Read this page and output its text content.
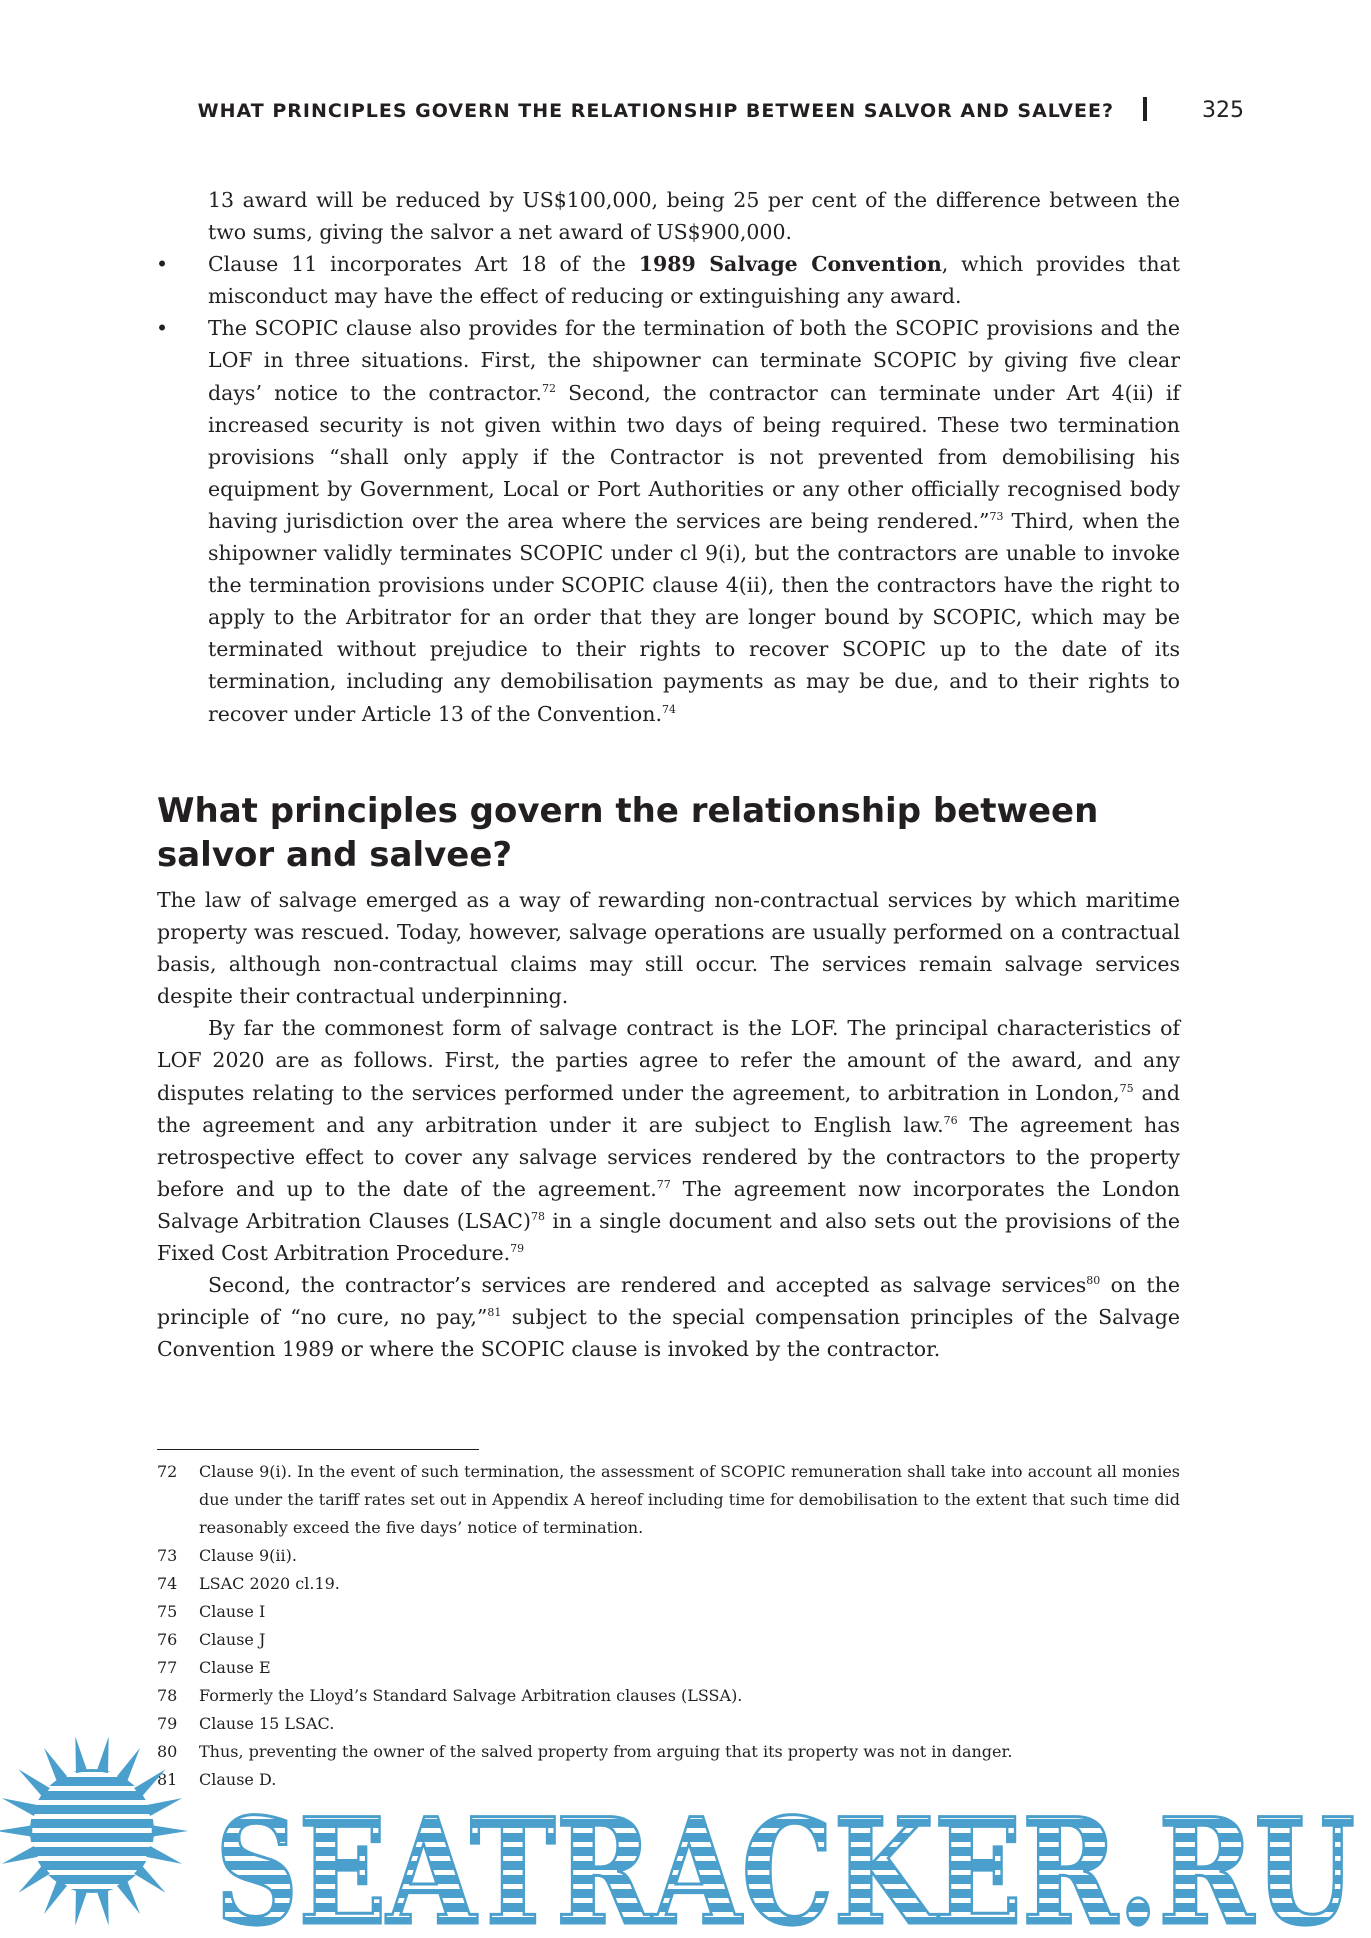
WHAT PRINCIPLES GOVERN THE RELATIONSHIP BETWEEN SALVOR AND SALVEE?	325

13 award will be reduced by US$100,000, being 25 per cent of the difference between the two sums, giving the salvor a net award of US$900,000.

• Clause 11 incorporates Art 18 of the 1989 Salvage Convention, which provides that misconduct may have the effect of reducing or extinguishing any award.

• The SCOPIC clause also provides for the termination of both the SCOPIC provisions and the LOF in three situations. First, the shipowner can terminate SCOPIC by giving five clear days’ notice to the contractor.$^{72}$ Second, the contractor can terminate under Art 4(ii) if increased security is not given within two days of being required. These two termination provisions “shall only apply if the Contractor is not prevented from demobilising his equipment by Government, Local or Port Authorities or any other officially recognised body having jurisdiction over the area where the services are being rendered.”$^{73}$ Third, when the shipowner validly terminates SCOPIC under cl 9(i), but the contractors are unable to invoke the termination provisions under SCOPIC clause 4(ii), then the contractors have the right to apply to the Arbitrator for an order that they are longer bound by SCOPIC, which may be terminated without prejudice to their rights to recover SCOPIC up to the date of its termination, including any demobilisation payments as may be due, and to their rights to recover under Article 13 of the Convention.$^{74}$

What principles govern the relationship between
salvor and salvee?

The law of salvage emerged as a way of rewarding non-contractual services by which maritime property was rescued. Today, however, salvage operations are usually performed on a contractual basis, although non-contractual claims may still occur. The services remain salvage services despite their contractual underpinning.

By far the commonest form of salvage contract is the LOF. The principal characteristics of LOF 2020 are as follows. First, the parties agree to refer the amount of the award, and any disputes relating to the services performed under the agreement, to arbitration in London,$^{75}$ and the agreement and any arbitration under it are subject to English law.$^{76}$ The agreement has retrospective effect to cover any salvage services rendered by the contractors to the property before and up to the date of the agreement.$^{77}$ The agreement now incorporates the London Salvage Arbitration Clauses (LSAC)$^{78}$ in a single document and also sets out the provisions of the Fixed Cost Arbitration Procedure.$^{79}$

Second, the contractor’s services are rendered and accepted as salvage services$^{80}$ on the principle of “no cure, no pay,”$^{81}$ subject to the special compensation principles of the Salvage Convention 1989 or where the SCOPIC clause is invoked by the contractor.

72 Clause 9(i). In the event of such termination, the assessment of SCOPIC remuneration shall take into account all monies due under the tariff rates set out in Appendix A hereof including time for demobilisation to the extent that such time did reasonably exceed the five days’ notice of termination.
73 Clause 9(ii).
74 LSAC 2020 cl.19.
75 Clause I
76 Clause J
77 Clause E
78 Formerly the Lloyd’s Standard Salvage Arbitration clauses (LSSA).
79 Clause 15 LSAC.
80 Thus, preventing the owner of the salved property from arguing that its property was not in danger.
81 Clause D.
SEATRACKER.RU
